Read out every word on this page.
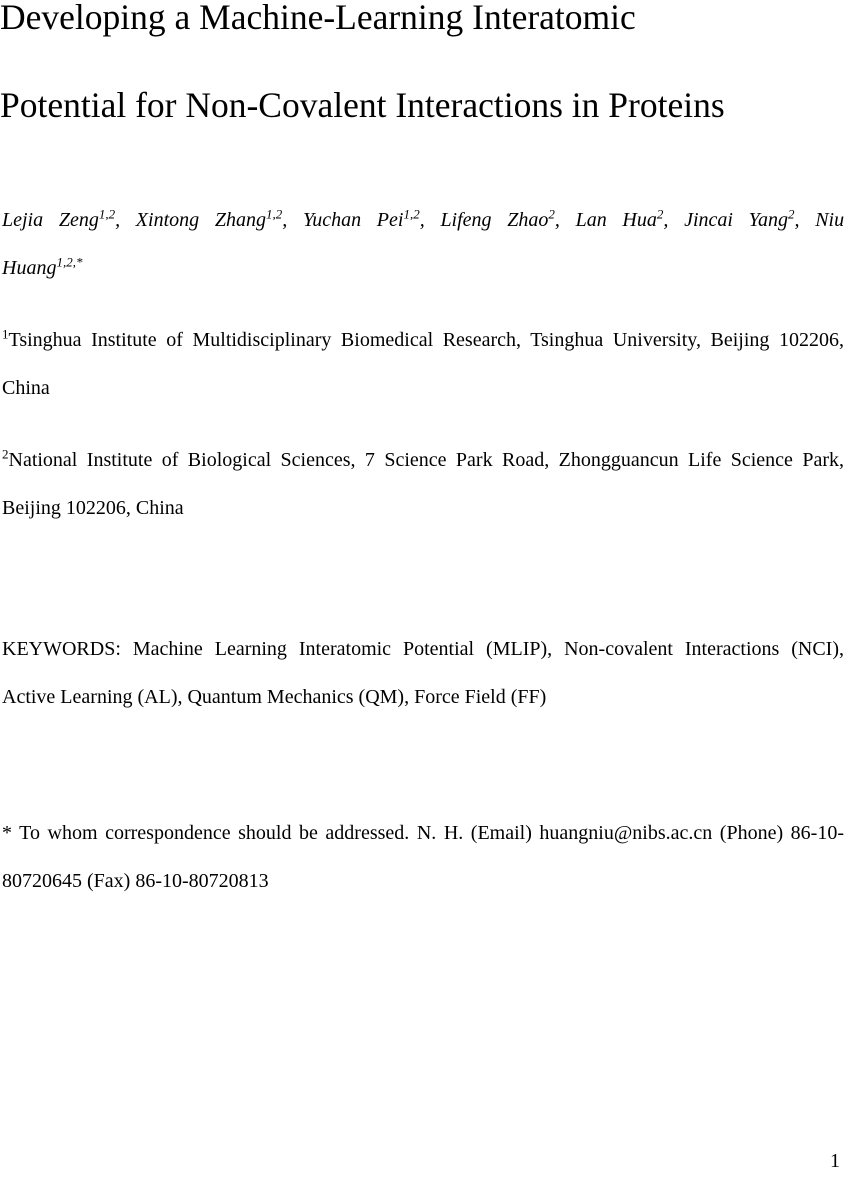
Developing a Machine-Learning Interatomic
Potential for Non-Covalent Interactions in Proteins
Lejia Zeng$^{1,2}$, Xintong Zhang$^{1,2}$, Yuchan Pei$^{1,2}$, Lifeng Zhao$^2$, Lan Hua$^2$, Jincai Yang$^2$, Niu
Huang$^{1,2,*}$
$^1$Tsinghua Institute of Multidisciplinary Biomedical Research, Tsinghua University, Beijing 102206, China
$^2$National Institute of Biological Sciences, 7 Science Park Road, Zhongguancun Life Science Park, Beijing 102206, China
KEYWORDS: Machine Learning Interatomic Potential (MLIP), Non-covalent Interactions (NCI), Active Learning (AL), Quantum Mechanics (QM), Force Field (FF)
* To whom correspondence should be addressed. N. H. (Email) huangniu@nibs.ac.cn (Phone) 86-10-80720645 (Fax) 86-10-80720813
1
